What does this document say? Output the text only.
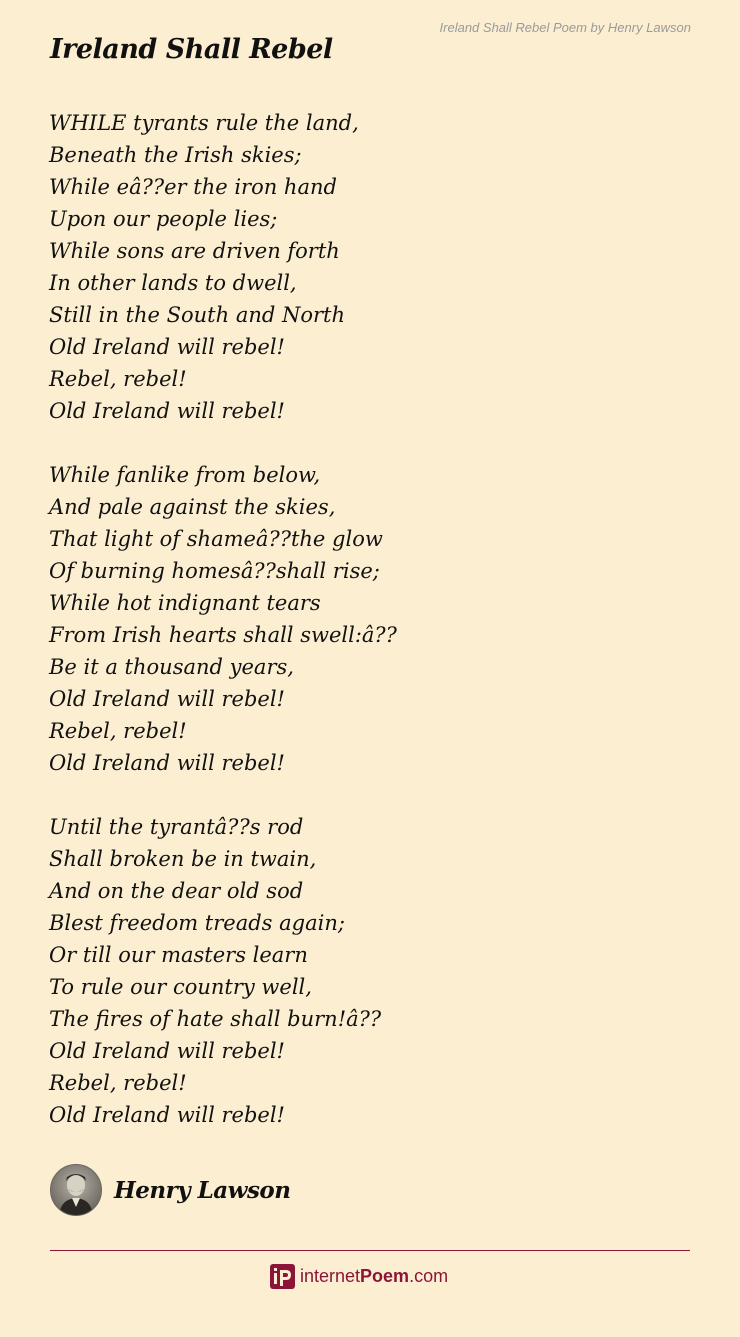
Ireland Shall Rebel Poem by Henry Lawson
Ireland Shall Rebel
WHILE tyrants rule the land,
Beneath the Irish skies;
While eâ??er the iron hand
Upon our people lies;
While sons are driven forth
In other lands to dwell,
Still in the South and North
Old Ireland will rebel!
Rebel, rebel!
Old Ireland will rebel!
While fanlike from below,
And pale against the skies,
That light of shameâ??the glow
Of burning homesâ??shall rise;
While hot indignant tears
From Irish hearts shall swell:â??
Be it a thousand years,
Old Ireland will rebel!
Rebel, rebel!
Old Ireland will rebel!
Until the tyrantâ??s rod
Shall broken be in twain,
And on the dear old sod
Blest freedom treads again;
Or till our masters learn
To rule our country well,
The fires of hate shall burn!â??
Old Ireland will rebel!
Rebel, rebel!
Old Ireland will rebel!
Henry Lawson
internet Poem .com
